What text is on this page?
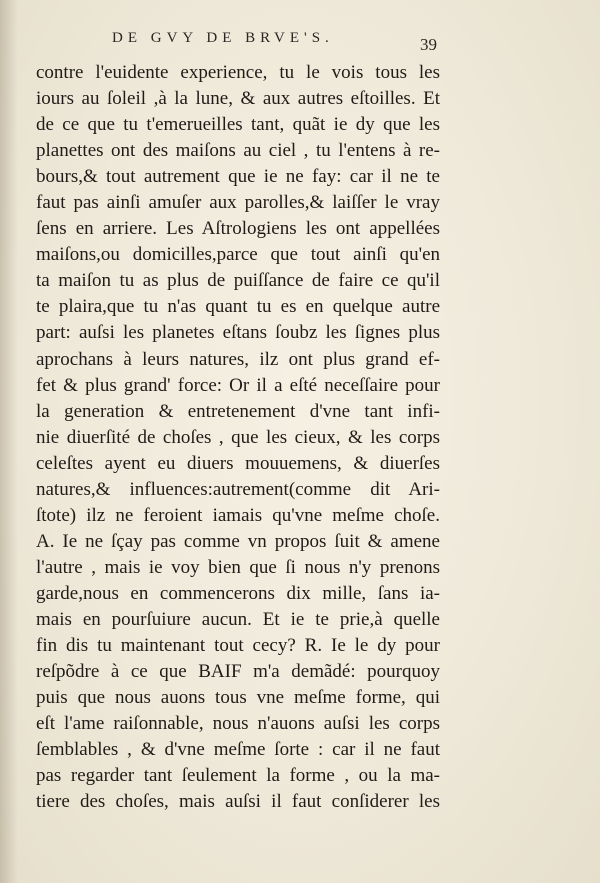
DE GVY DE BRVE'S.	39
contre l'euidente experience, tu le vois tous les
iours au ſoleil ,à la lune, & aux autres eſtoilles. Et
de ce que tu t'emerueilles tant, quãt ie dy que les
planettes ont des maiſons au ciel , tu l'entens à re-
bours,& tout autrement que ie ne fay: car il ne te
faut pas ainſi amuſer aux parolles,& laiſſer le vray
ſens en arriere. Les Aſtrologiens les ont appellées
maiſons,ou domicilles,parce que tout ainſi qu'en
ta maiſon tu as plus de puiſſance de faire ce qu'il
te plaira,que tu n'as quant tu es en quelque autre
part: auſsi les planetes eſtans ſoubz les ſignes plus
aprochans à leurs natures, ilz ont plus grand ef-
fet & plus grand' force: Or il a eſté neceſſaire pour
la generation & entretenement d'vne tant infi-
nie diuerſité de choſes , que les cieux, & les corps
celeſtes ayent eu diuers mouuemens, & diuerſes
natures,& influences:autrement(comme dit Ari-
ſtote) ilz ne feroient iamais qu'vne meſme choſe.
A. Ie ne ſçay pas comme vn propos ſuit & amene
l'autre , mais ie voy bien que ſi nous n'y prenons
garde,nous en commencerons dix mille, ſans ia-
mais en pourſuiure aucun. Et ie te prie,à quelle
fin dis tu maintenant tout cecy? R. Ie le dy pour
reſpõdre à ce que BAIF m'a demãdé: pourquoy
puis que nous auons tous vne meſme forme, qui
eſt l'ame raiſonnable, nous n'auons auſsi les corps
ſemblables , & d'vne meſme ſorte : car il ne faut
pas regarder tant ſeulement la forme , ou la ma-
tiere des choſes, mais auſsi il faut conſiderer les
